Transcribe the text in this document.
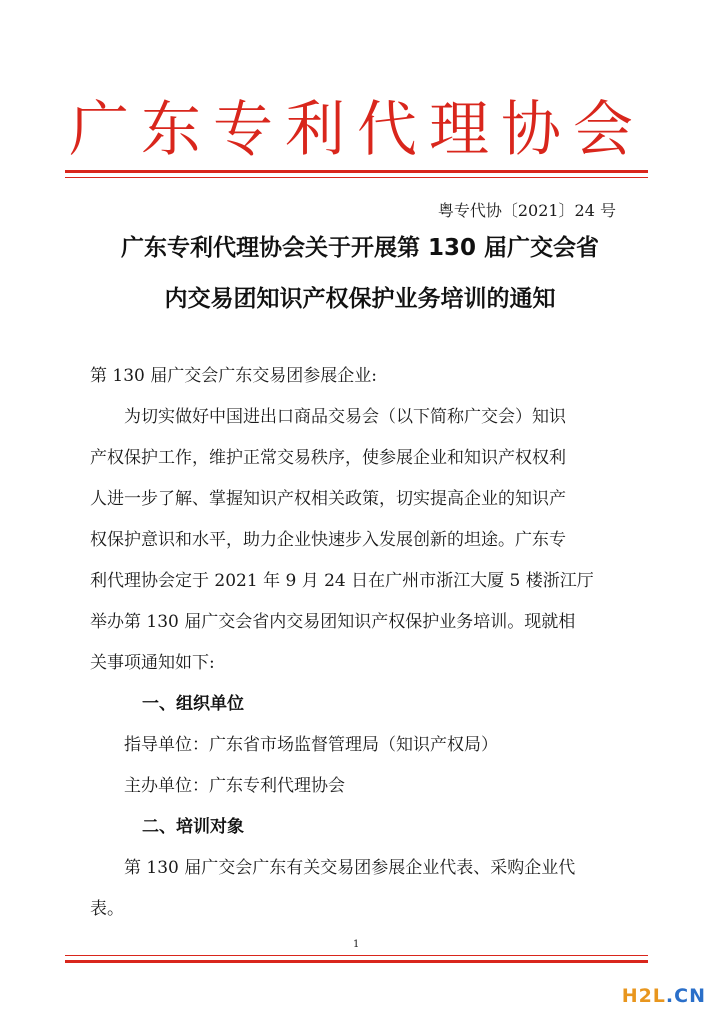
广东专利代理协会
粤专代协〔2021〕24 号
广东专利代理协会关于开展第 130 届广交会省
内交易团知识产权保护业务培训的通知
第 130 届广交会广东交易团参展企业:
为切实做好中国进出口商品交易会（以下简称广交会）知识
产权保护工作，维护正常交易秩序，使参展企业和知识产权权利
人进一步了解、掌握知识产权相关政策，切实提高企业的知识产
权保护意识和水平，助力企业快速步入发展创新的坦途。广东专
利代理协会定于 2021 年 9 月 24 日在广州市浙江大厦 5 楼浙江厅
举办第 130 届广交会省内交易团知识产权保护业务培训。现就相
关事项通知如下:
一、组织单位
指导单位：广东省市场监督管理局（知识产权局）
主办单位：广东专利代理协会
二、培训对象
第 130 届广交会广东有关交易团参展企业代表、采购企业代
表。
1
H2L.CN
